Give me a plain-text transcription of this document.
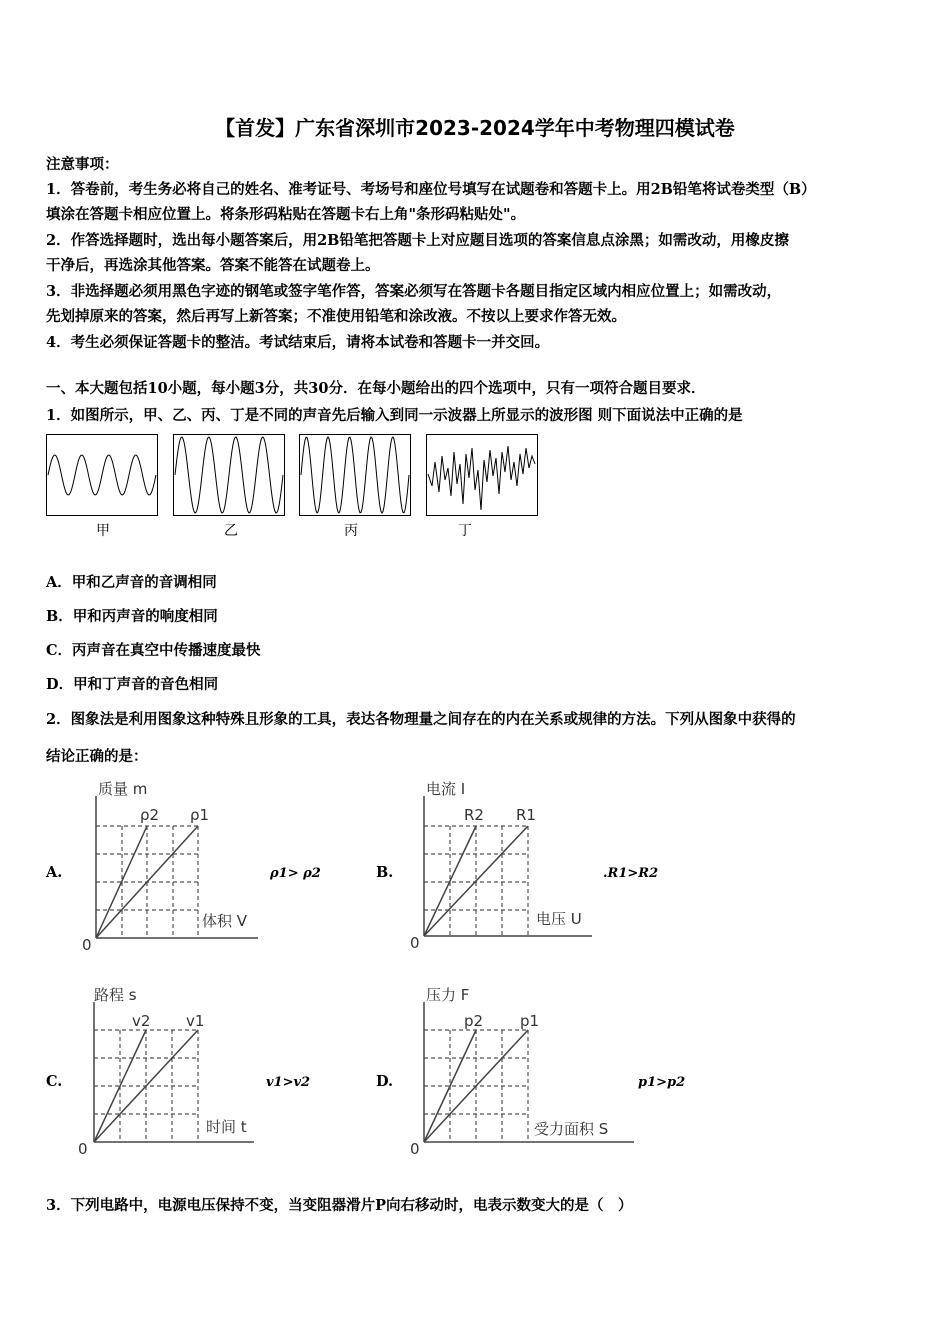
【首发】广东省深圳市2023-2024学年中考物理四模试卷
注意事项：
1．答卷前，考生务必将自己的姓名、准考证号、考场号和座位号填写在试题卷和答题卡上。用2B铅笔将试卷类型（B）
填涂在答题卡相应位置上。将条形码粘贴在答题卡右上角"条形码粘贴处"。
2．作答选择题时，选出每小题答案后，用2B铅笔把答题卡上对应题目选项的答案信息点涂黑；如需改动，用橡皮擦
干净后，再选涂其他答案。答案不能答在试题卷上。
3．非选择题必须用黑色字迹的钢笔或签字笔作答，答案必须写在答题卡各题目指定区域内相应位置上；如需改动，
先划掉原来的答案，然后再写上新答案；不准使用铅笔和涂改液。不按以上要求作答无效。
4．考生必须保证答题卡的整洁。考试结束后，请将本试卷和答题卡一并交回。
一、本大题包括10小题，每小题3分，共30分．在每小题给出的四个选项中，只有一项符合题目要求．
1．如图所示，甲、乙、丙、丁是不同的声音先后输入到同一示波器上所显示的波形图 则下面说法中正确的是
甲	乙	丙	丁
A．甲和乙声音的音调相同
B．甲和丙声音的响度相同
C．丙声音在真空中传播速度最快
D．甲和丁声音的音色相同
2．图象法是利用图象这种特殊且形象的工具，表达各物理量之间存在的内在关系或规律的方法。下列从图象中获得的
结论正确的是：
A.
质量 m
体积 V
ρ2 ρ1
0
ρ1> ρ2	B.
电流 I
电压 U
R2 R1
0
.R1>R2
C.
路程 s
时间 t
v2 v1
0
v1>v2	D.
压力 F
受力面积 S
p2 p1
0
p1>p2
3．下列电路中，电源电压保持不变，当变阻器滑片P向右移动时，电表示数变大的是（　）
